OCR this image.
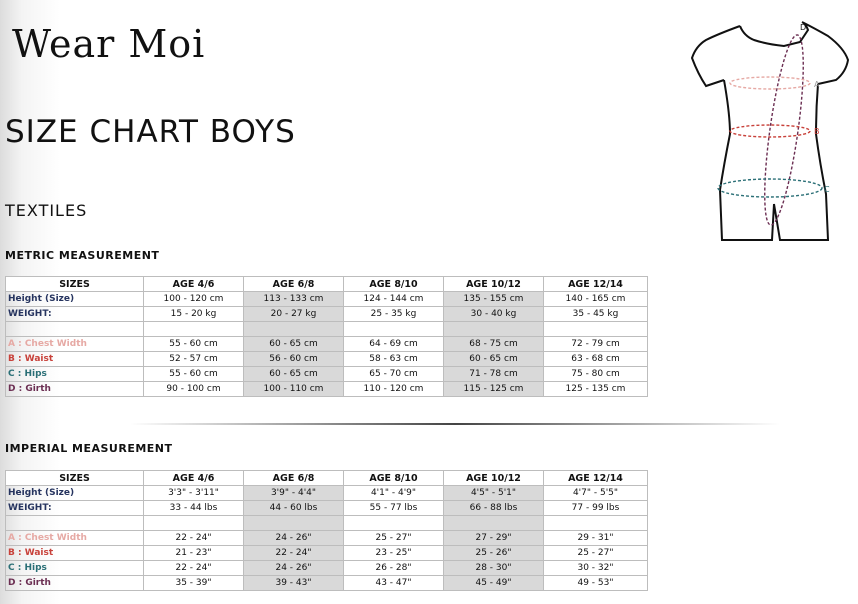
Wear Moi
SIZE CHART BOYS
TEXTILES
D
A
B
C
METRIC MEASUREMENT
SIZES	AGE 4/6	AGE 6/8	AGE 8/10	AGE 10/12	AGE 12/14
Height (Size)	100 - 120 cm	113 - 133 cm	124 - 144 cm	135 - 155 cm	140 - 165 cm
WEIGHT:	15 - 20 kg	20 - 27 kg	25 - 35 kg	30 - 40 kg	35 - 45 kg

A : Chest Width	55 - 60 cm	60 - 65 cm	64 - 69 cm	68 - 75 cm	72 - 79 cm
B : Waist	52 - 57 cm	56 - 60 cm	58 - 63 cm	60 - 65 cm	63 - 68 cm
C : Hips	55 - 60 cm	60 - 65 cm	65 - 70 cm	71 - 78 cm	75 - 80 cm
D : Girth	90 - 100 cm	100 - 110 cm	110 - 120 cm	115 - 125 cm	125 - 135 cm
IMPERIAL MEASUREMENT
SIZES	AGE 4/6	AGE 6/8	AGE 8/10	AGE 10/12	AGE 12/14
Height (Size)	3'3" - 3'11"	3'9" - 4'4"	4'1" - 4'9"	4'5" - 5'1"	4'7" - 5'5"
WEIGHT:	33 - 44 lbs	44 - 60 lbs	55 - 77 lbs	66 - 88 lbs	77 - 99 lbs

A : Chest Width	22 - 24"	24 - 26"	25 - 27"	27 - 29"	29 - 31"
B : Waist	21 - 23"	22 - 24"	23 - 25"	25 - 26"	25 - 27"
C : Hips	22 - 24"	24 - 26"	26 - 28"	28 - 30"	30 - 32"
D : Girth	35 - 39"	39 - 43"	43 - 47"	45 - 49"	49 - 53"
